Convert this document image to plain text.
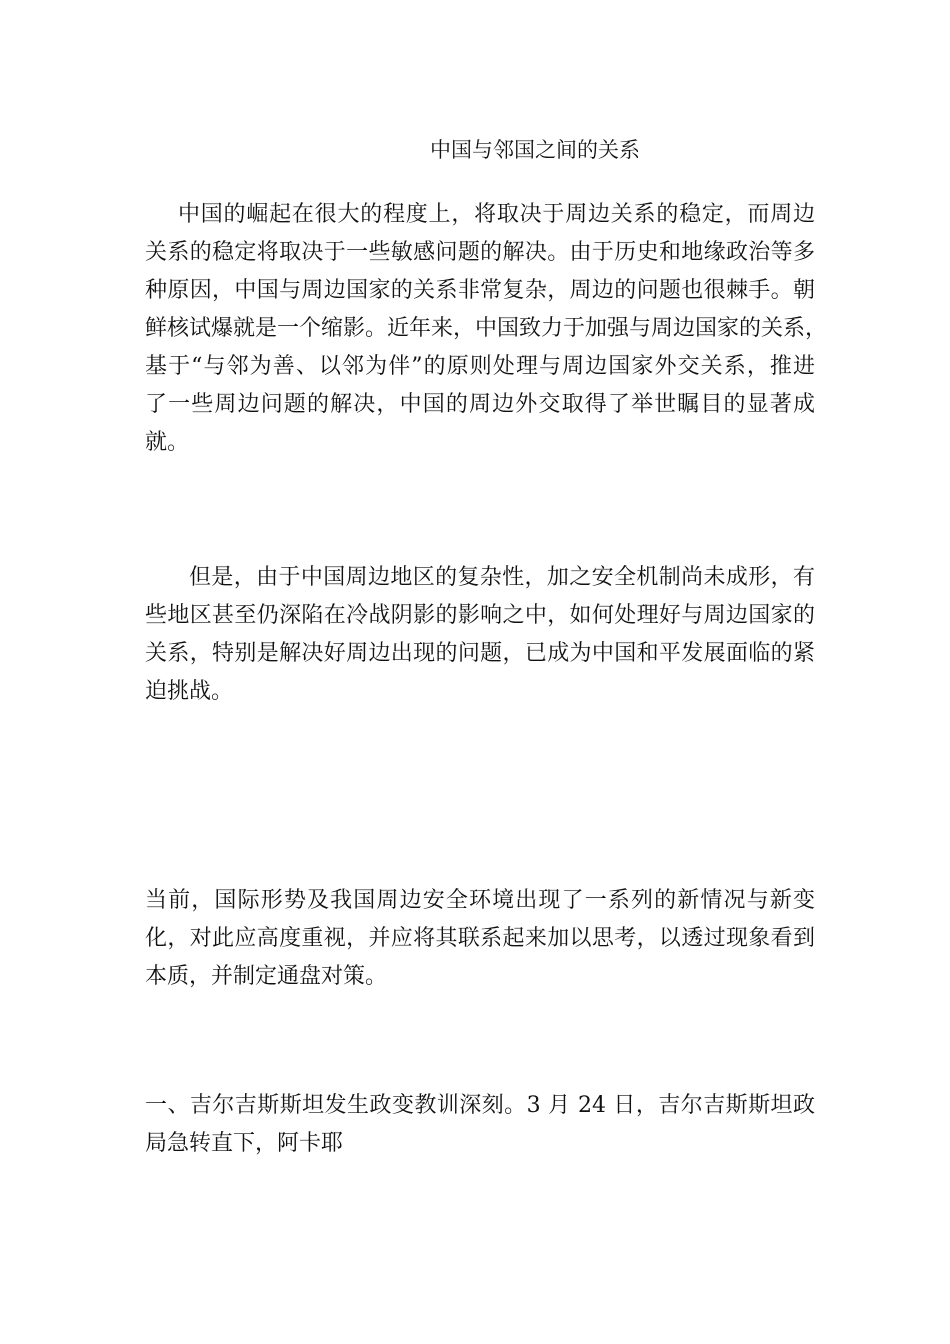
中国与邻国之间的关系
中国的崛起在很大的程度上，将取决于周边关系的稳定，而周边
关系的稳定将取决于一些敏感问题的解决。由于历史和地缘政治等多
种原因，中国与周边国家的关系非常复杂，周边的问题也很棘手。朝
鲜核试爆就是一个缩影。近年来，中国致力于加强与周边国家的关系，
基于“与邻为善、以邻为伴”的原则处理与周边国家外交关系，推进
了一些周边问题的解决，中国的周边外交取得了举世瞩目的显著成
就。
但是，由于中国周边地区的复杂性，加之安全机制尚未成形，有
些地区甚至仍深陷在冷战阴影的影响之中，如何处理好与周边国家的
关系，特别是解决好周边出现的问题，已成为中国和平发展面临的紧
迫挑战。
当前，国际形势及我国周边安全环境出现了一系列的新情况与新变
化，对此应高度重视，并应将其联系起来加以思考，以透过现象看到
本质，并制定通盘对策。
一、吉尔吉斯斯坦发生政变教训深刻。3 月 24 日，吉尔吉斯斯坦政
局急转直下，阿卡耶
